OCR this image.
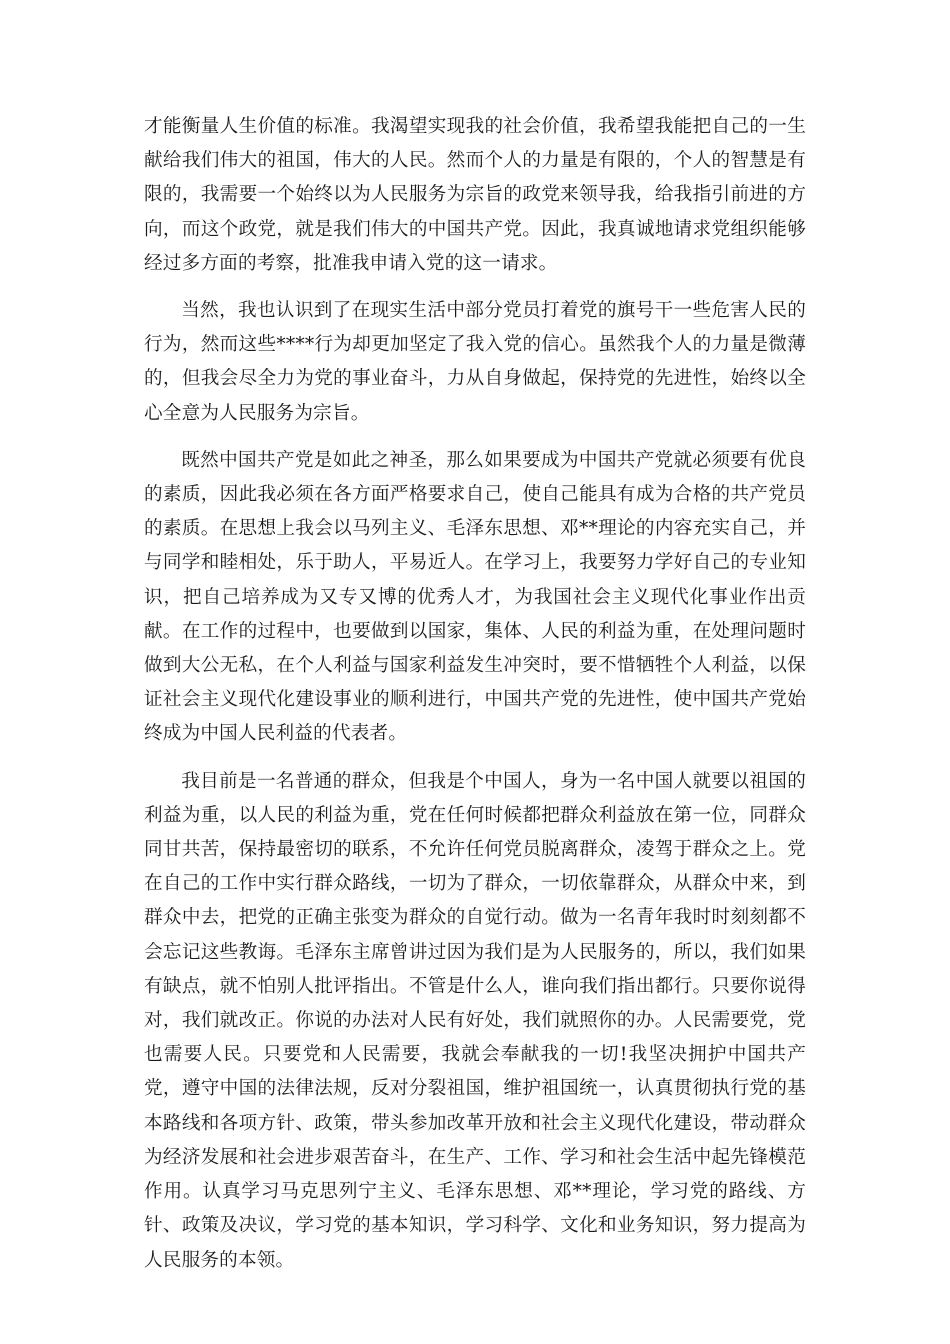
才能衡量人生价值的标准。我渴望实现我的社会价值，我希望我能把自己的一生献给我们伟大的祖国，伟大的人民。然而个人的力量是有限的，个人的智慧是有限的，我需要一个始终以为人民服务为宗旨的政党来领导我，给我指引前进的方向，而这个政党，就是我们伟大的中国共产党。因此，我真诚地请求党组织能够经过多方面的考察，批准我申请入党的这一请求。

当然，我也认识到了在现实生活中部分党员打着党的旗号干一些危害人民的行为，然而这些****行为却更加坚定了我入党的信心。虽然我个人的力量是微薄的，但我会尽全力为党的事业奋斗，力从自身做起，保持党的先进性，始终以全心全意为人民服务为宗旨。

既然中国共产党是如此之神圣，那么如果要成为中国共产党就必须要有优良的素质，因此我必须在各方面严格要求自己，使自己能具有成为合格的共产党员的素质。在思想上我会以马列主义、毛泽东思想、邓**理论的内容充实自己，并与同学和睦相处，乐于助人，平易近人。在学习上，我要努力学好自己的专业知识，把自己培养成为又专又博的优秀人才，为我国社会主义现代化事业作出贡献。在工作的过程中，也要做到以国家，集体、人民的利益为重，在处理问题时做到大公无私，在个人利益与国家利益发生冲突时，要不惜牺牲个人利益，以保证社会主义现代化建设事业的顺利进行，中国共产党的先进性，使中国共产党始终成为中国人民利益的代表者。

我目前是一名普通的群众，但我是个中国人，身为一名中国人就要以祖国的利益为重，以人民的利益为重，党在任何时候都把群众利益放在第一位，同群众同甘共苦，保持最密切的联系，不允许任何党员脱离群众，凌驾于群众之上。党在自己的工作中实行群众路线，一切为了群众，一切依靠群众，从群众中来，到群众中去，把党的正确主张变为群众的自觉行动。做为一名青年我时时刻刻都不会忘记这些教诲。毛泽东主席曾讲过因为我们是为人民服务的，所以，我们如果有缺点，就不怕别人批评指出。不管是什么人，谁向我们指出都行。只要你说得对，我们就改正。你说的办法对人民有好处，我们就照你的办。人民需要党，党也需要人民。只要党和人民需要，我就会奉献我的一切!我坚决拥护中国共产党，遵守中国的法律法规，反对分裂祖国，维护祖国统一，认真贯彻执行党的基本路线和各项方针、政策，带头参加改革开放和社会主义现代化建设，带动群众为经济发展和社会进步艰苦奋斗，在生产、工作、学习和社会生活中起先锋模范作用。认真学习马克思列宁主义、毛泽东思想、邓**理论，学习党的路线、方针、政策及决议，学习党的基本知识，学习科学、文化和业务知识，努力提高为人民服务的本领。
